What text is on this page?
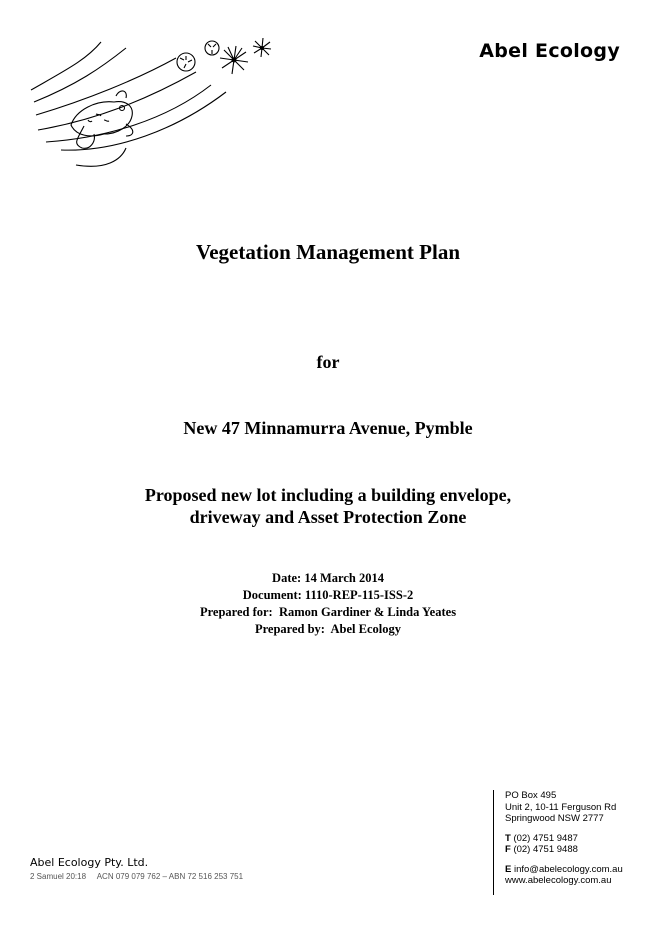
Abel Ecology
Vegetation Management Plan
for
New 47 Minnamurra Avenue, Pymble
Proposed new lot including a building envelope,
driveway and Asset Protection Zone
Date: 14 March 2014
Document: 1110-REP-115-ISS-2
Prepared for:  Ramon Gardiner & Linda Yeates
Prepared by:  Abel Ecology
Abel Ecology Pty. Ltd.
2 Samuel 20:18     ACN 079 079 762 – ABN 72 516 253 751
PO Box 495
Unit 2, 10-11 Ferguson Rd
Springwood NSW 2777
T (02) 4751 9487
F (02) 4751 9488
E info@abelecology.com.au
www.abelecology.com.au
